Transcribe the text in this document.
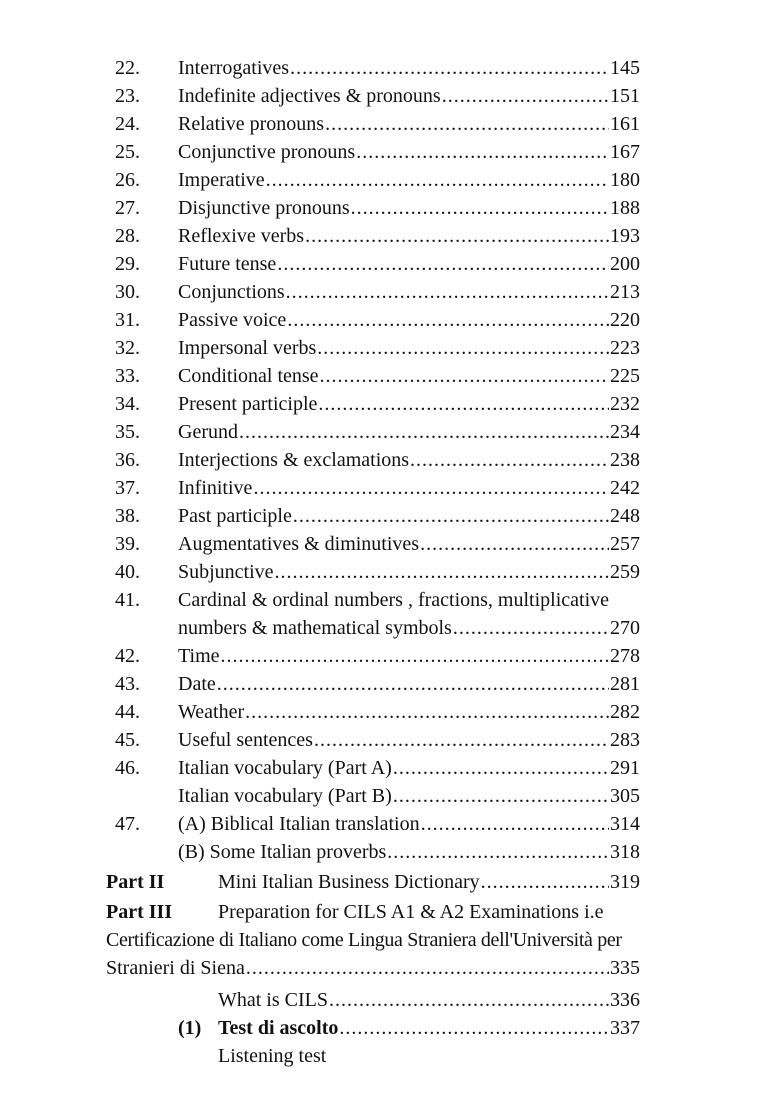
22. Interrogatives .....	145
23. Indefinite adjectives & pronouns .....	151
24. Relative pronouns .....	161
25. Conjunctive pronouns .....	167
26. Imperative .....	180
27. Disjunctive pronouns .....	188
28. Reflexive verbs .....	193
29. Future tense .....	200
30. Conjunctions .....	213
31. Passive voice .....	220
32. Impersonal verbs .....	223
33. Conditional tense .....	225
34. Present participle .....	232
35. Gerund .....	234
36. Interjections & exclamations .....	238
37. Infinitive .....	242
38. Past participle .....	248
39. Augmentatives & diminutives .....	257
40. Subjunctive .....	259
41. Cardinal & ordinal numbers , fractions, multiplicative
numbers & mathematical symbols .....	270
42. Time .....	278
43. Date .....	281
44. Weather .....	282
45. Useful sentences .....	283
46. Italian vocabulary (Part A) .....	291
Italian vocabulary (Part B) .....	305
47. (A) Biblical Italian translation .....	314
(B) Some Italian proverbs .....	318
Part II	Mini Italian Business Dictionary .....	319
Part III Preparation for CILS A1 & A2 Examinations i.e
Certificazione di Italiano come Lingua Straniera dell'Università per
Stranieri di Siena .....	335
What is CILS .....	336
(1) Test di ascolto .....	337
Listening test
